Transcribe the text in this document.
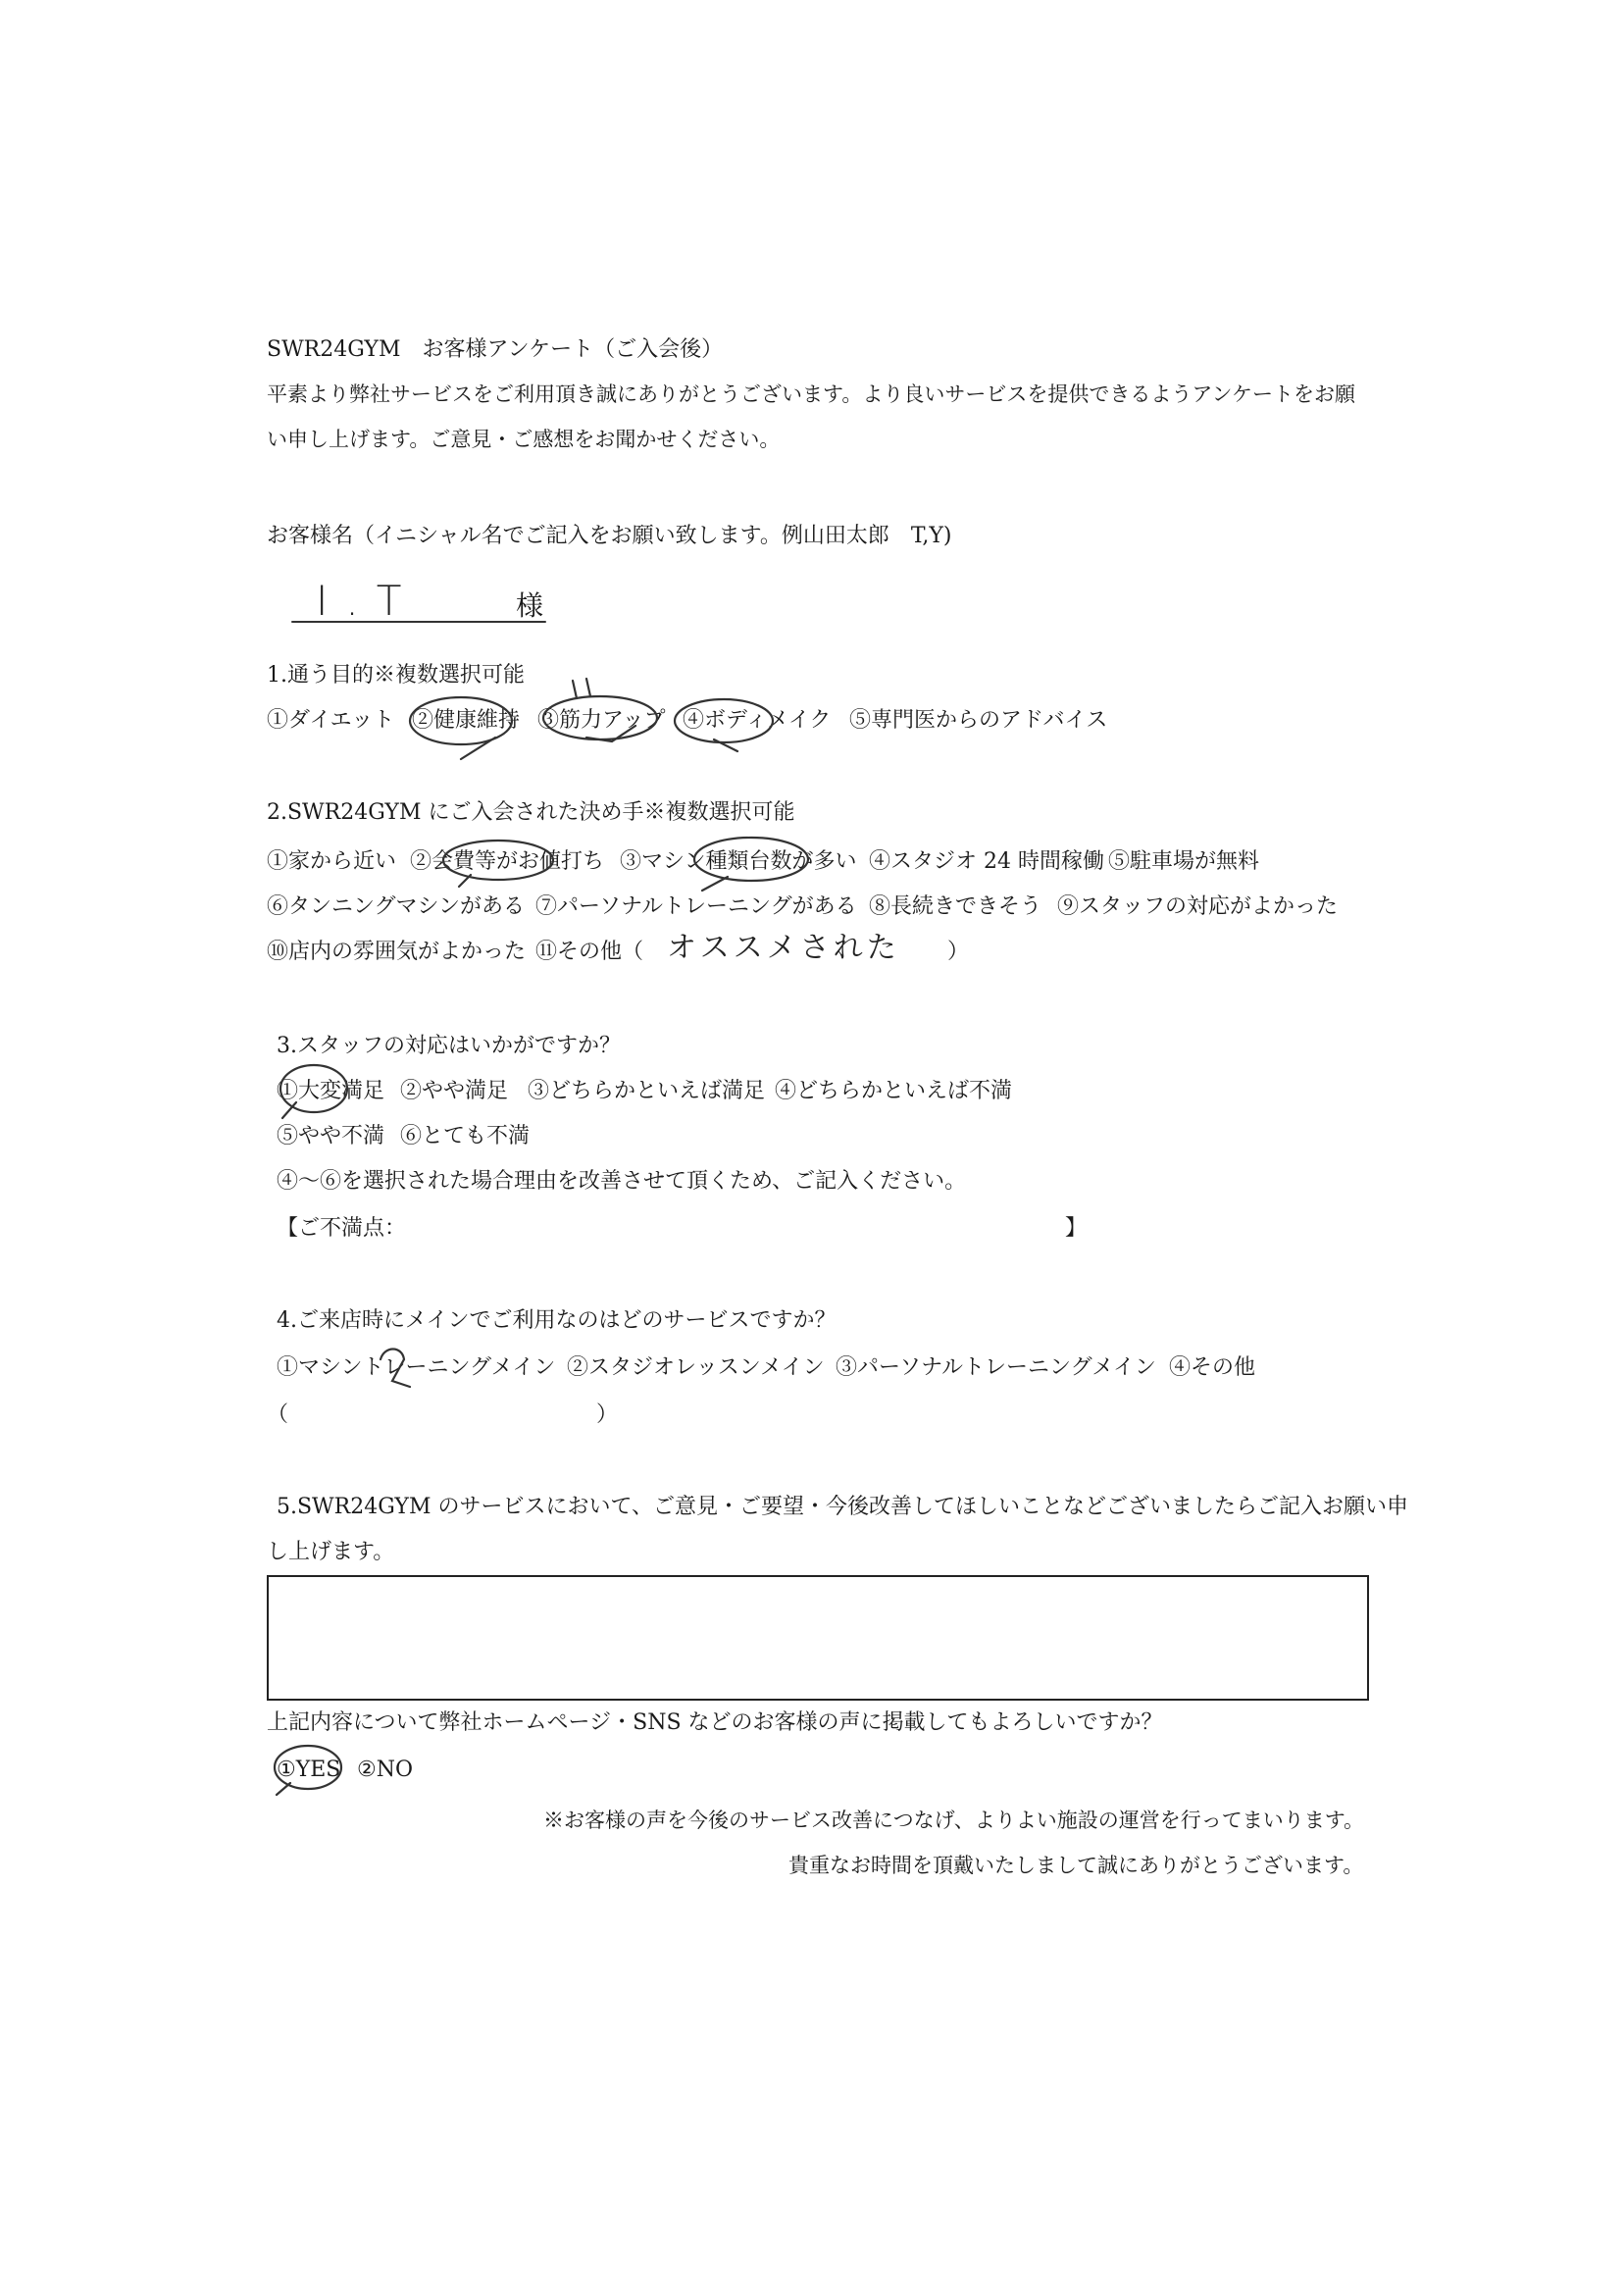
SWR24GYM　お客様アンケート（ご入会後）
平素より弊社サービスをご利用頂き誠にありがとうございます。より良いサービスを提供できるようアンケートをお願
い申し上げます。ご意見・ご感想をお聞かせください。
お客様名（イニシャル名でご記入をお願い致します。例山田太郎　T,Y)
I.T	様
1.通う目的※複数選択可能
①ダイエット ②健康維持 ③筋力アップ ④ボディメイク ⑤専門医からのアドバイス
2.SWR24GYM にご入会された決め手※複数選択可能
①家から近い ②会費等がお値打ち ③マシン種類台数が多い ④スタジオ 24 時間稼働 ⑤駐車場が無料
⑥タンニングマシンがある ⑦パーソナルトレーニングがある ⑧長続きできそう ⑨スタッフの対応がよかった
⑩店内の雰囲気がよかった ⑪その他（ オススメされた ）
3.スタッフの対応はいかがですか？
①大変満足 ②やや満足 ③どちらかといえば満足 ④どちらかといえば不満
⑤やや不満 ⑥とても不満
④～⑥を選択された場合理由を改善させて頂くため、ご記入ください。
【ご不満点：	】
4.ご来店時にメインでご利用なのはどのサービスですか？
①マシントレーニングメイン ②スタジオレッスンメイン ③パーソナルトレーニングメイン ④その他
（	）
5.SWR24GYM のサービスにおいて、ご意見・ご要望・今後改善してほしいことなどございましたらご記入お願い申
し上げます。
上記内容について弊社ホームページ・SNS などのお客様の声に掲載してもよろしいですか？
①YES ②NO
※お客様の声を今後のサービス改善につなげ、よりよい施設の運営を行ってまいります。
貴重なお時間を頂戴いたしまして誠にありがとうございます。
